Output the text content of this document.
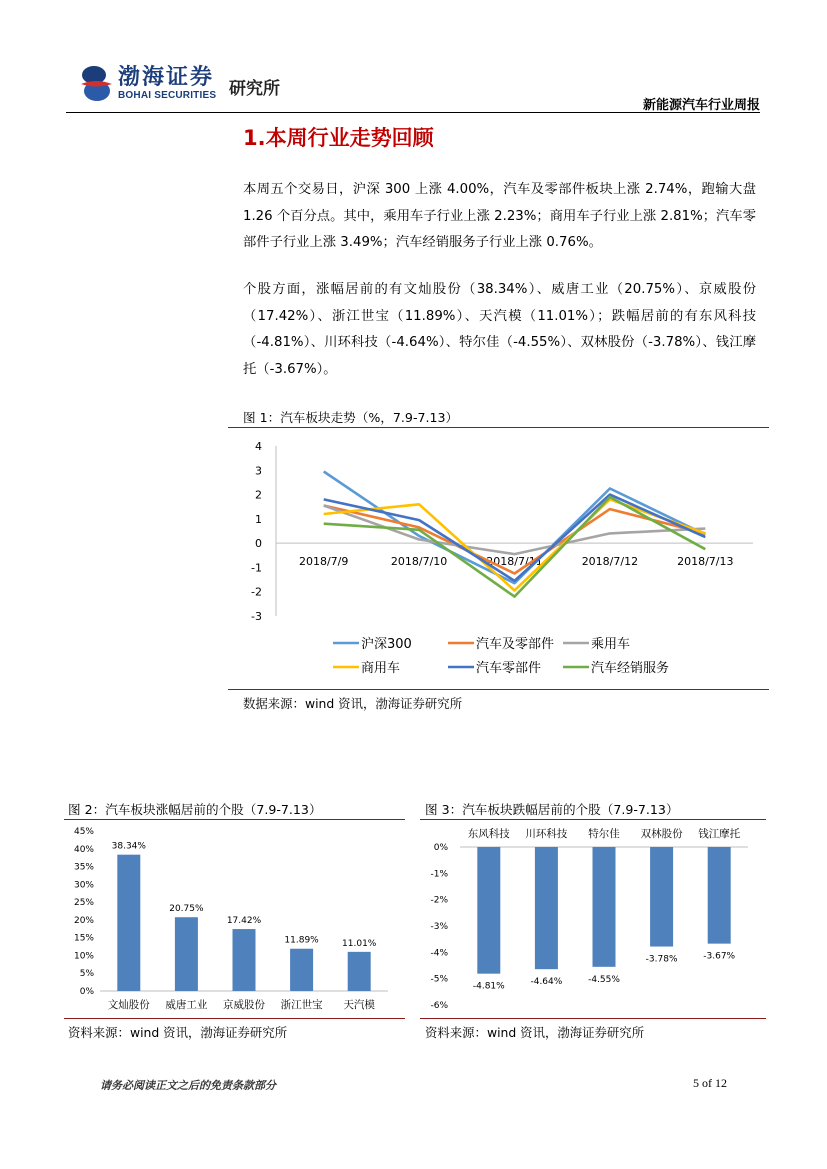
渤海证券
BOHAI SECURITIES 研究所
新能源汽车行业周报
1.本周行业走势回顾
本周五个交易日，沪深 300 上涨 4.00%，汽车及零部件板块上涨 2.74%，跑输大盘 1.26 个百分点。其中，乘用车子行业上涨 2.23%；商用车子行业上涨 2.81%；汽车零部件子行业上涨 3.49%；汽车经销服务子行业上涨 0.76%。
个股方面，涨幅居前的有文灿股份（38.34%）、威唐工业（20.75%）、京威股份（17.42%）、浙江世宝（11.89%）、天汽模（11.01%）；跌幅居前的有东风科技（-4.81%）、川环科技（-4.64%）、特尔佳（-4.55%）、双林股份（-3.78%）、钱江摩托（-3.67%）。
图 1：汽车板块走势（%，7.9-7.13）
4
3
2
1
0
-1
-2
-3
2018/7/9	2018/7/10	2018/7/11	2018/7/12	2018/7/13
沪深300	汽车及零部件	乘用车
商用车	汽车零部件	汽车经销服务
数据来源：wind 资讯，渤海证券研究所
图 2：汽车板块涨幅居前的个股（7.9-7.13）
0%
5%
10%
15%
20%
25%
30%
35%
40%
45%
38.34%
文灿股份
20.75%
威唐工业
17.42%
京威股份
11.89%
浙江世宝
11.01%
天汽模
资料来源：wind 资讯，渤海证券研究所
图 3：汽车板块跌幅居前的个股（7.9-7.13）
0%
-1%
-2%
-3%
-4%
-5%
-6%
-4.81%
东风科技
-4.64%
川环科技
-4.55%
特尔佳
-3.78%
双林股份
-3.67%
钱江摩托
资料来源：wind 资讯，渤海证券研究所
请务必阅读正文之后的免责条款部分	5 of 12
